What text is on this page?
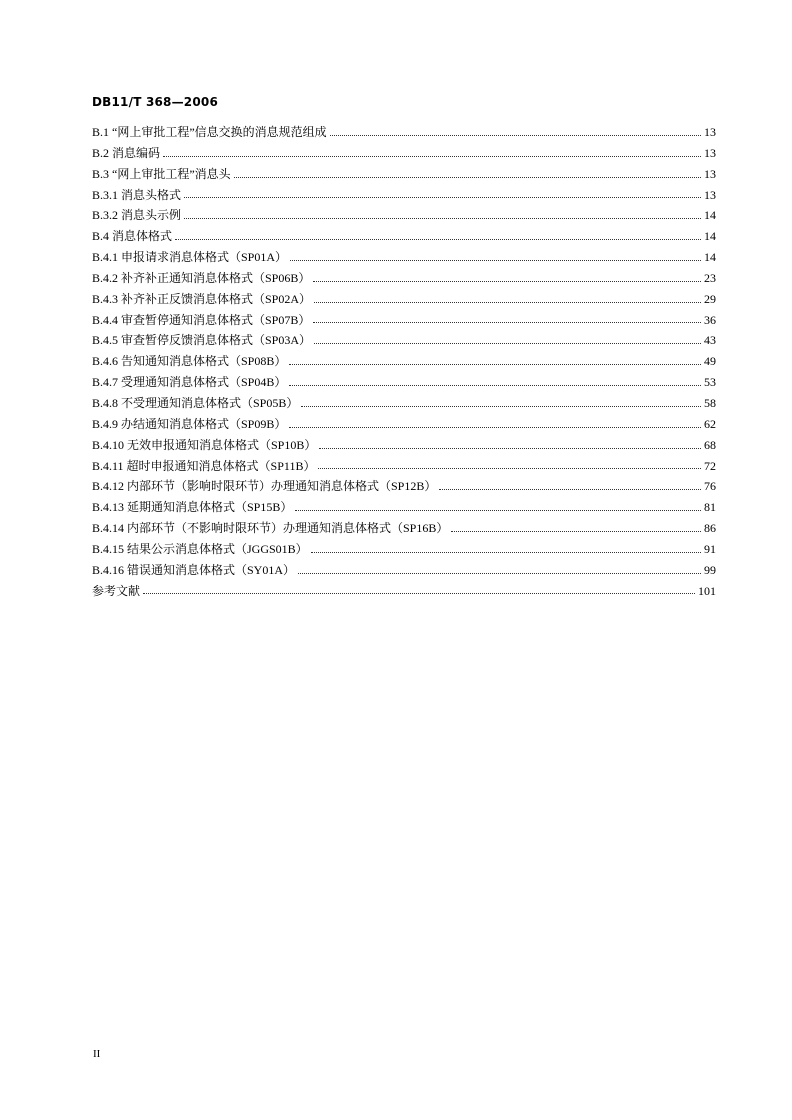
DB11/T 368—2006
B.1 “网上审批工程”信息交换的消息规范组成	13
B.2 消息编码	13
B.3 “网上审批工程”消息头	13
B.3.1 消息头格式	13
B.3.2 消息头示例	14
B.4 消息体格式	14
B.4.1 申报请求消息体格式（SP01A）	14
B.4.2 补齐补正通知消息体格式（SP06B）	23
B.4.3 补齐补正反馈消息体格式（SP02A）	29
B.4.4 审查暂停通知消息体格式（SP07B）	36
B.4.5 审查暂停反馈消息体格式（SP03A）	43
B.4.6 告知通知消息体格式（SP08B）	49
B.4.7 受理通知消息体格式（SP04B）	53
B.4.8 不受理通知消息体格式（SP05B）	58
B.4.9 办结通知消息体格式（SP09B）	62
B.4.10 无效申报通知消息体格式（SP10B）	68
B.4.11 超时申报通知消息体格式（SP11B）	72
B.4.12 内部环节（影响时限环节）办理通知消息体格式（SP12B）	76
B.4.13 延期通知消息体格式（SP15B）	81
B.4.14 内部环节（不影响时限环节）办理通知消息体格式（SP16B）	86
B.4.15 结果公示消息体格式（JGGS01B）	91
B.4.16 错误通知消息体格式（SY01A）	99
参考文献	101
II
